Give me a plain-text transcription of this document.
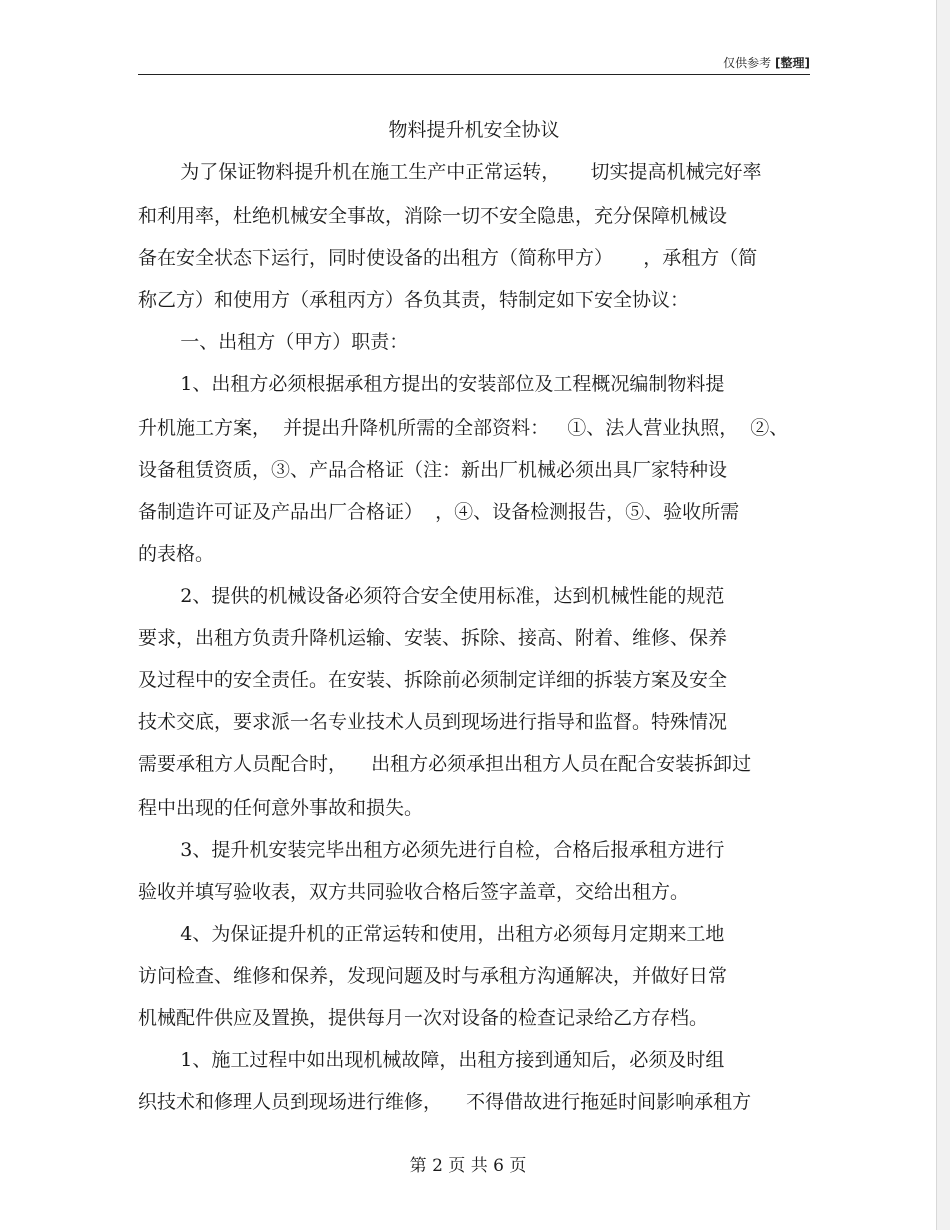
仅供参考 [整理]
物料提升机安全协议
为了保证物料提升机在施工生产中正常运转，     切实提高机械完好率
和利用率，杜绝机械安全事故，消除一切不安全隐患，充分保障机械设
备在安全状态下运行，同时使设备的出租方（简称甲方）     ，承租方（简
称乙方）和使用方（承租丙方）各负其责，特制定如下安全协议：
一、出租方（甲方）职责：
1、出租方必须根据承租方提出的安装部位及工程概况编制物料提
升机施工方案，  并提出升降机所需的全部资料：   ①、法人营业执照，  ②、
设备租赁资质，③、产品合格证（注：新出厂机械必须出具厂家特种设
备制造许可证及产品出厂合格证）  ，④、设备检测报告，⑤、验收所需
的表格。
2、提供的机械设备必须符合安全使用标准，达到机械性能的规范
要求，出租方负责升降机运输、安装、拆除、接高、附着、维修、保养
及过程中的安全责任。在安装、拆除前必须制定详细的拆装方案及安全
技术交底，要求派一名专业技术人员到现场进行指导和监督。特殊情况
需要承租方人员配合时，    出租方必须承担出租方人员在配合安装拆卸过
程中出现的任何意外事故和损失。
3、提升机安装完毕出租方必须先进行自检，合格后报承租方进行
验收并填写验收表，双方共同验收合格后签字盖章，交给出租方。
4、为保证提升机的正常运转和使用，出租方必须每月定期来工地
访问检查、维修和保养，发现问题及时与承租方沟通解决，并做好日常
机械配件供应及置换，提供每月一次对设备的检查记录给乙方存档。
1、施工过程中如出现机械故障，出租方接到通知后，必须及时组
织技术和修理人员到现场进行维修，    不得借故进行拖延时间影响承租方
第 2 页 共 6 页
